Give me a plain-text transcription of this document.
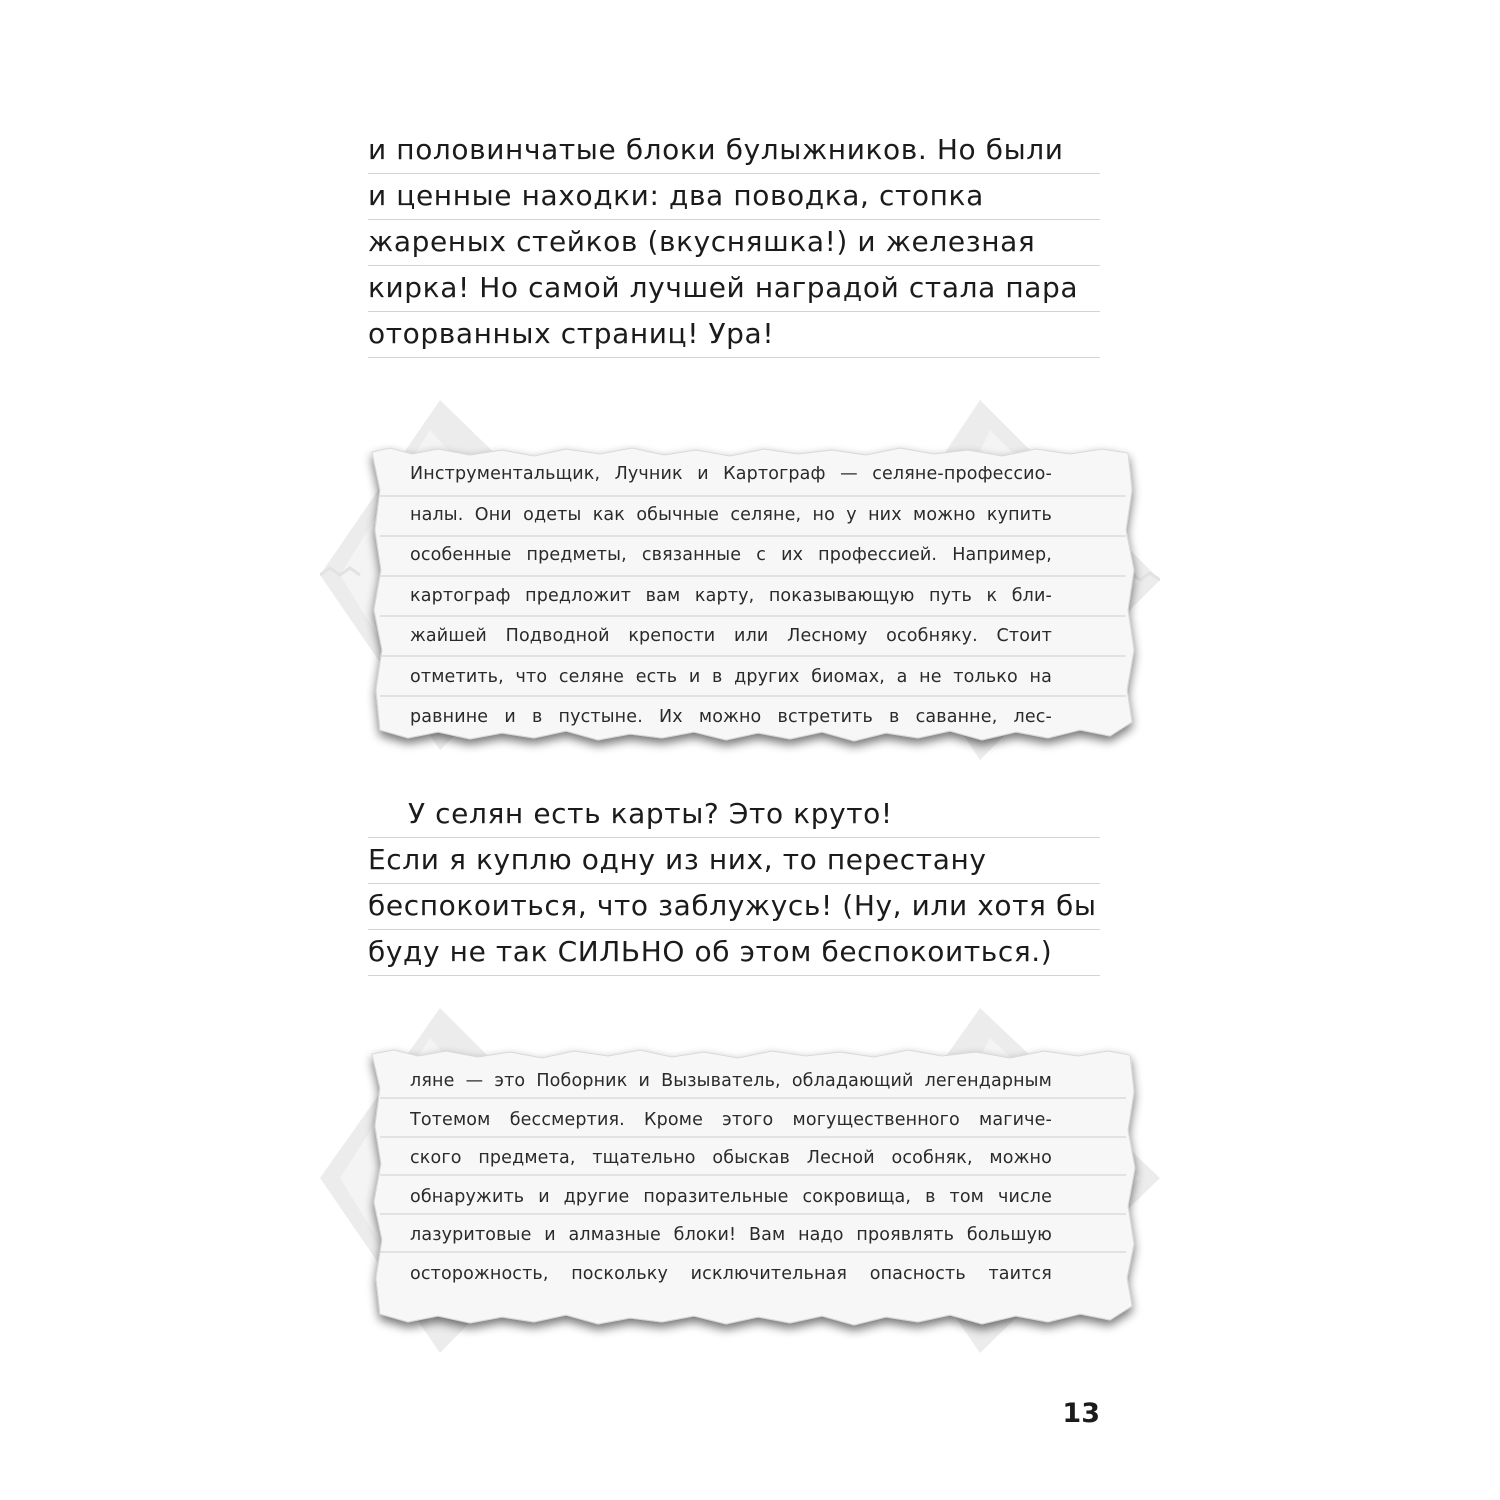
и половинчатые блоки булыжников. Но были
и ценные находки: два поводка, стопка
жареных стейков (вкусняшка!) и железная
кирка! Но самой лучшей наградой стала пара
оторванных страниц! Ура!
Инструментальщик, Лучник и Картограф — селяне-профессио-
налы. Они одеты как обычные селяне, но у них можно купить
особенные предметы, связанные с их профессией. Например,
картограф предложит вам карту, показывающую путь к бли-
жайшей Подводной крепости или Лесному особняку. Стоит
отметить, что селяне есть и в других биомах, а не только на
равнине и в пустыне. Их можно встретить в саванне, лес-
У селян есть карты? Это круто!
Если я куплю одну из них, то перестану
беспокоиться, что заблужусь! (Ну, или хотя бы
буду не так СИЛЬНО об этом беспокоиться.)
ляне — это Поборник и Вызыватель, обладающий легендарным
Тотемом бессмертия. Кроме этого могущественного магиче-
ского предмета, тщательно обыскав Лесной особняк, можно
обнаружить и другие поразительные сокровища, в том числе
лазуритовые и алмазные блоки! Вам надо проявлять большую
осторожность, поскольку исключительная опасность таится
13
